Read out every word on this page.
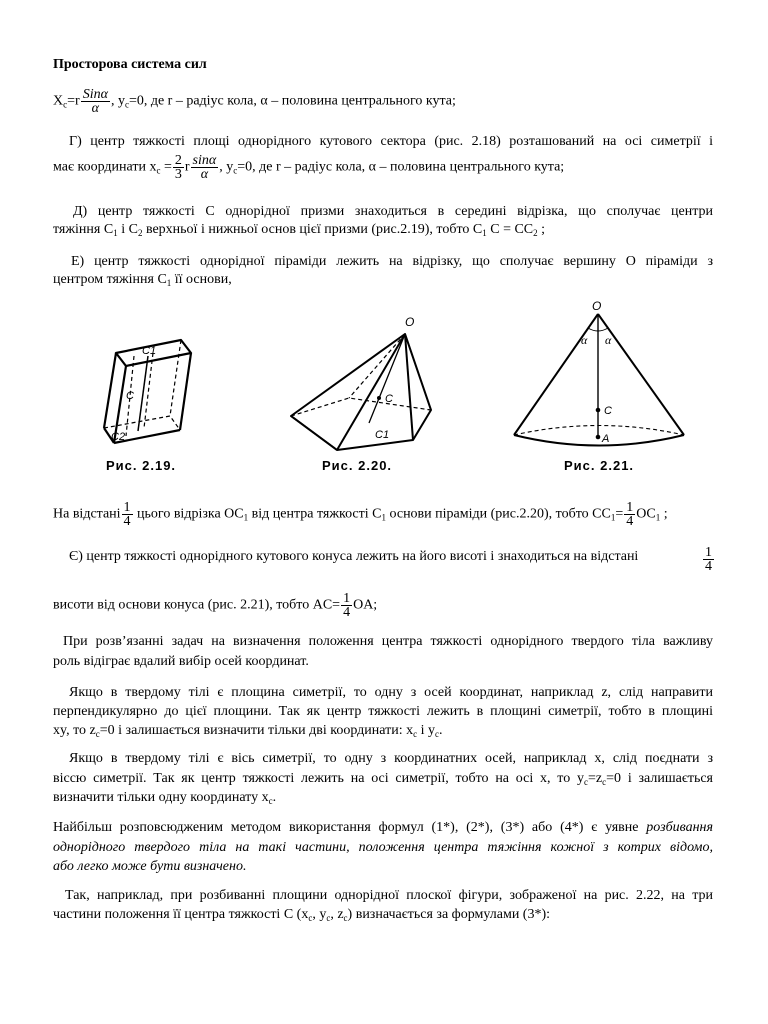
Просторова система сил
$X_c=r \frac{\text{Sinα}}{\alpha}$ , $y_c=0$, де r – радіус кола, α – половина центрального кута;
Г) центр тяжкості площі однорідного кутового сектора (рис. 2.18) розташований на осі симетрії і
має координати $x_c = \frac{2}{3}$ r $\frac{\sin\alpha}{\alpha}$ , $y_c=0$, де r – радіус кола, α – половина центрального кута;
Д) центр тяжкості C однорідної призми знаходиться в середині відрізка, що сполучає центри
тяжіння $C_1$ і $C_2$ верхньої і нижньої основ цієї призми (рис.2.19), тобто $C_1$ $C = CC_2$ ;
Е) центр тяжкості однорідної піраміди лежить на відрізку, що сполучає вершину O піраміди з
центром тяжіння $C_1$ її основи,
C1
C
C2
Рис. 2.19.
O
C
C1
Рис. 2.20.
O
α α
C
A
Рис. 2.21.
На відстані $\frac{1}{4}$ цього відрізка $OC_1$ від центра тяжкості $C_1$ основи піраміди (рис.2.20), тобто $CC_1= \frac{1}{4} OC_1$ ;
Є) центр тяжкості однорідного кутового конуса лежить на його висоті і знаходиться на відстані	$\frac{1}{4}$
висоти від основи конуса (рис. 2.21), тобто $AC= \frac{1}{4}$ OA;
При розв’язанні задач на визначення положення центра тяжкості однорідного твердого тіла важливу
роль відіграє вдалий вибір осей координат.
Якщо в твердому тілі є площина симетрії, то одну з осей координат, наприклад z, слід направити
перпендикулярно до цієї площини. Так як центр тяжкості лежить в площині симетрії, тобто в площині
xy, то $z_c=0$ і залишається визначити тільки дві координати: $x_c$ і $y_c$.
Якщо в твердому тілі є вісь симетрії, то одну з координатних осей, наприклад x, слід поєднати з
віссю симетрії. Так як центр тяжкості лежить на осі симетрії, тобто на осі x, то $y_c=z_c=0$ і залишається
визначити тільки одну координату $x_c$.
Найбільш розповсюдженим методом використання формул (1*), (2*), (3*) або (4*) є уявне розбивання
однорідного твердого тіла на такі частини, положення центра тяжіння кожної з котрих відомо,
або легко може бути визначено.
Так, наприклад, при розбиванні площини однорідної плоскої фігури, зображеної на рис. 2.22, на три
частини положення її центра тяжкості C ($x_c$, $y_c$, $z_c$) визначається за формулами (3*):
